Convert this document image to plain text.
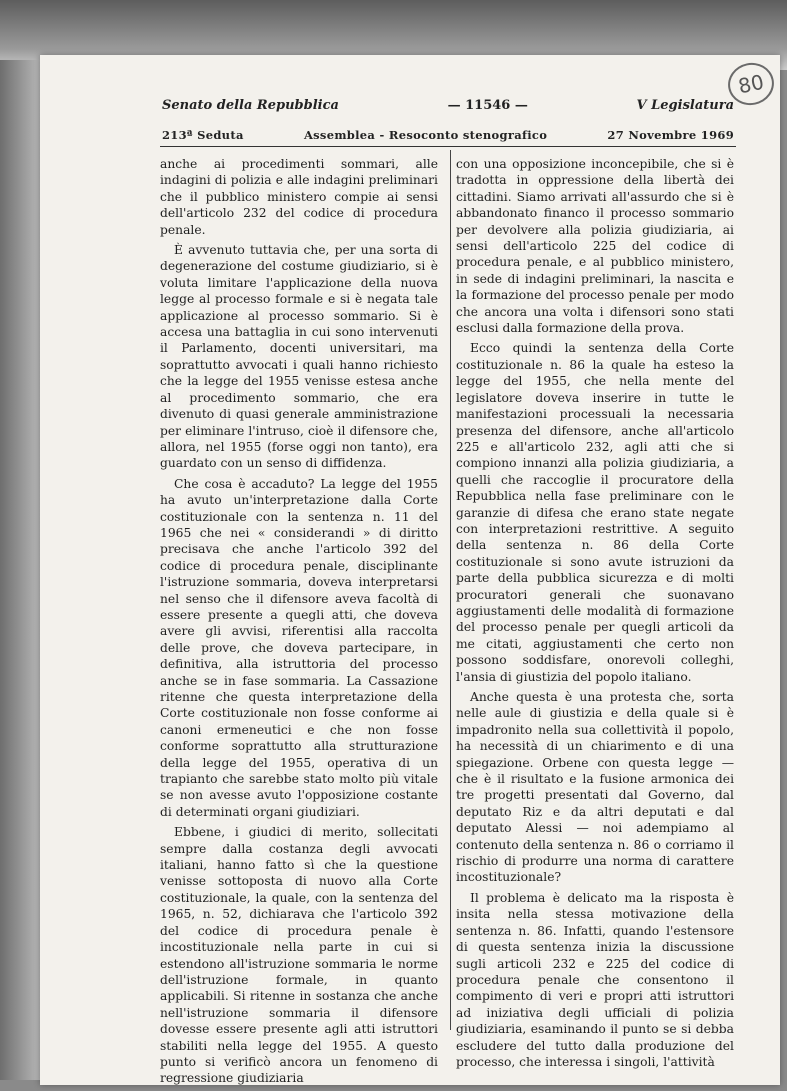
80
Senato della Repubblica	— 11546 —	V Legislatura
213ª Seduta	Assemblea - Resoconto stenografico	27 Novembre 1969

anche ai procedimenti sommari, alle indagini di polizia e alle indagini preliminari che il pubblico ministero compie ai sensi dell'articolo 232 del codice di procedura penale.

È avvenuto tuttavia che, per una sorta di degenerazione del costume giudiziario, si è voluta limitare l'applicazione della nuova legge al processo formale e si è negata tale applicazione al processo sommario. Si è accesa una battaglia in cui sono intervenuti il Parlamento, docenti universitari, ma soprattutto avvocati i quali hanno richiesto che la legge del 1955 venisse estesa anche al procedimento sommario, che era divenuto di quasi generale amministrazione per eliminare l'intruso, cioè il difensore che, allora, nel 1955 (forse oggi non tanto), era guardato con un senso di diffidenza.

Che cosa è accaduto? La legge del 1955 ha avuto un'interpretazione dalla Corte costituzionale con la sentenza n. 11 del 1965 che nei « considerandi » di diritto precisava che anche l'articolo 392 del codice di procedura penale, disciplinante l'istruzione sommaria, doveva interpretarsi nel senso che il difensore aveva facoltà di essere presente a quegli atti, che doveva avere gli avvisi, riferentisi alla raccolta delle prove, che doveva partecipare, in definitiva, alla istruttoria del processo anche se in fase sommaria. La Cassazione ritenne che questa interpretazione della Corte costituzionale non fosse conforme ai canoni ermeneutici e che non fosse conforme soprattutto alla strutturazione della legge del 1955, operativa di un trapianto che sarebbe stato molto più vitale se non avesse avuto l'opposizione costante di determinati organi giudiziari.

Ebbene, i giudici di merito, sollecitati sempre dalla costanza degli avvocati italiani, hanno fatto sì che la questione venisse sottoposta di nuovo alla Corte costituzionale, la quale, con la sentenza del 1965, n. 52, dichiarava che l'articolo 392 del codice di procedura penale è incostituzionale nella parte in cui si estendono all'istruzione sommaria le norme dell'istruzione formale, in quanto applicabili. Si ritenne in sostanza che anche nell'istruzione sommaria il difensore dovesse essere presente agli atti istruttori stabiliti nella legge del 1955. A questo punto si verificò ancora un fenomeno di regressione giudiziaria

con una opposizione inconcepibile, che si è tradotta in oppressione della libertà dei cittadini. Siamo arrivati all'assurdo che si è abbandonato financo il processo sommario per devolvere alla polizia giudiziaria, ai sensi dell'articolo 225 del codice di procedura penale, e al pubblico ministero, in sede di indagini preliminari, la nascita e la formazione del processo penale per modo che ancora una volta i difensori sono stati esclusi dalla formazione della prova.

Ecco quindi la sentenza della Corte costituzionale n. 86 la quale ha esteso la legge del 1955, che nella mente del legislatore doveva inserire in tutte le manifestazioni processuali la necessaria presenza del difensore, anche all'articolo 225 e all'articolo 232, agli atti che si compiono innanzi alla polizia giudiziaria, a quelli che raccoglie il procuratore della Repubblica nella fase preliminare con le garanzie di difesa che erano state negate con interpretazioni restrittive. A seguito della sentenza n. 86 della Corte costituzionale si sono avute istruzioni da parte della pubblica sicurezza e di molti procuratori generali che suonavano aggiustamenti delle modalità di formazione del processo penale per quegli articoli da me citati, aggiustamenti che certo non possono soddisfare, onorevoli colleghi, l'ansia di giustizia del popolo italiano.

Anche questa è una protesta che, sorta nelle aule di giustizia e della quale si è impadronito nella sua collettività il popolo, ha necessità di un chiarimento e di una spiegazione. Orbene con questa legge — che è il risultato e la fusione armonica dei tre progetti presentati dal Governo, dal deputato Riz e da altri deputati e dal deputato Alessi — noi adempiamo al contenuto della sentenza n. 86 o corriamo il rischio di produrre una norma di carattere incostituzionale?

Il problema è delicato ma la risposta è insita nella stessa motivazione della sentenza n. 86. Infatti, quando l'estensore di questa sentenza inizia la discussione sugli articoli 232 e 225 del codice di procedura penale che consentono il compimento di veri e propri atti istruttori ad iniziativa degli ufficiali di polizia giudiziaria, esaminando il punto se si debba escludere del tutto dalla produzione del processo, che interessa i singoli, l'attività
